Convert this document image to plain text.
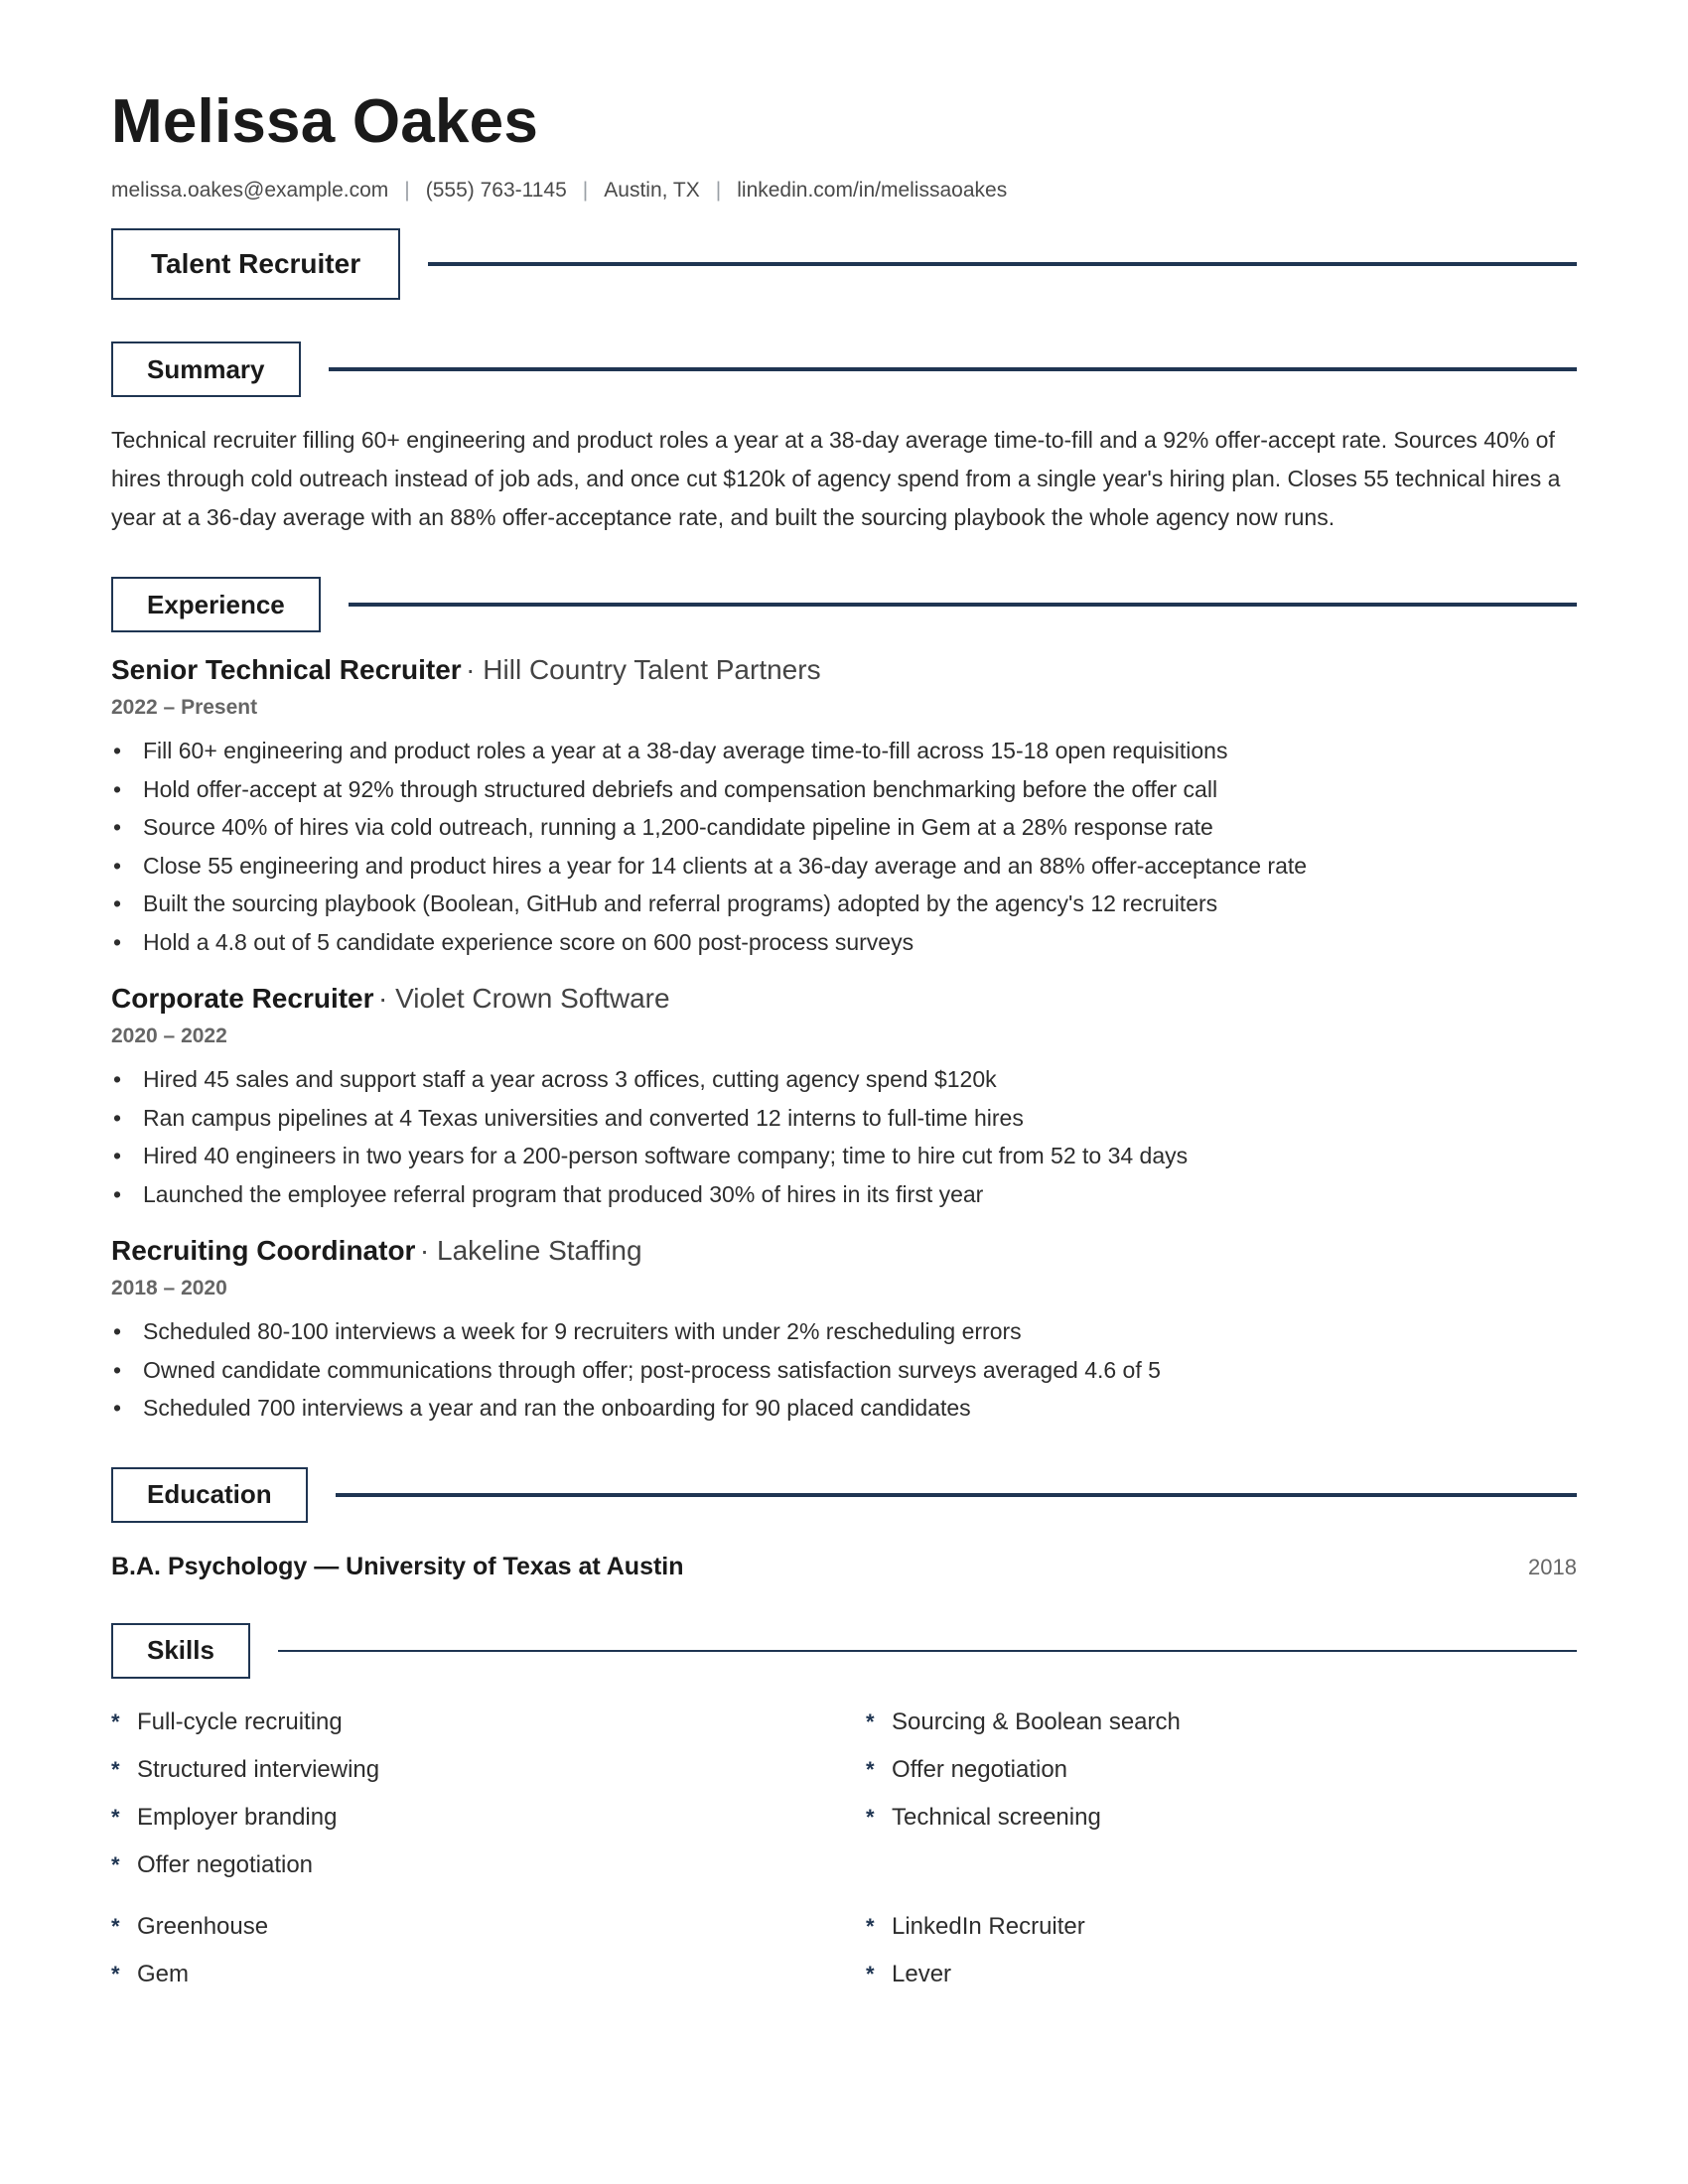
Melissa Oakes
melissa.oakes@example.com | (555) 763-1145 | Austin, TX | linkedin.com/in/melissaoakes
Talent Recruiter
Summary

Technical recruiter filling 60+ engineering and product roles a year at a 38-day average time-to-fill and a 92% offer-accept rate. Sources 40% of hires through cold outreach instead of job ads, and once cut $120k of agency spend from a single year's hiring plan. Closes 55 technical hires a year at a 36-day average with an 88% offer-acceptance rate, and built the sourcing playbook the whole agency now runs.

Experience
Senior Technical Recruiter · Hill Country Talent Partners
2022 – Present
• Fill 60+ engineering and product roles a year at a 38-day average time-to-fill across 15-18 open requisitions
• Hold offer-accept at 92% through structured debriefs and compensation benchmarking before the offer call
• Source 40% of hires via cold outreach, running a 1,200-candidate pipeline in Gem at a 28% response rate
• Close 55 engineering and product hires a year for 14 clients at a 36-day average and an 88% offer-acceptance rate
• Built the sourcing playbook (Boolean, GitHub and referral programs) adopted by the agency's 12 recruiters
• Hold a 4.8 out of 5 candidate experience score on 600 post-process surveys
Corporate Recruiter · Violet Crown Software
2020 – 2022
• Hired 45 sales and support staff a year across 3 offices, cutting agency spend $120k
• Ran campus pipelines at 4 Texas universities and converted 12 interns to full-time hires
• Hired 40 engineers in two years for a 200-person software company; time to hire cut from 52 to 34 days
• Launched the employee referral program that produced 30% of hires in its first year
Recruiting Coordinator · Lakeline Staffing
2018 – 2020
• Scheduled 80-100 interviews a week for 9 recruiters with under 2% rescheduling errors
• Owned candidate communications through offer; post-process satisfaction surveys averaged 4.6 of 5
• Scheduled 700 interviews a year and ran the onboarding for 90 placed candidates
Education
B.A. Psychology — University of Texas at Austin	2018
Skills
* Full-cycle recruiting	* Sourcing & Boolean search
* Structured interviewing	* Offer negotiation
* Employer branding	* Technical screening
* Offer negotiation
* Greenhouse	* LinkedIn Recruiter
* Gem	* Lever
